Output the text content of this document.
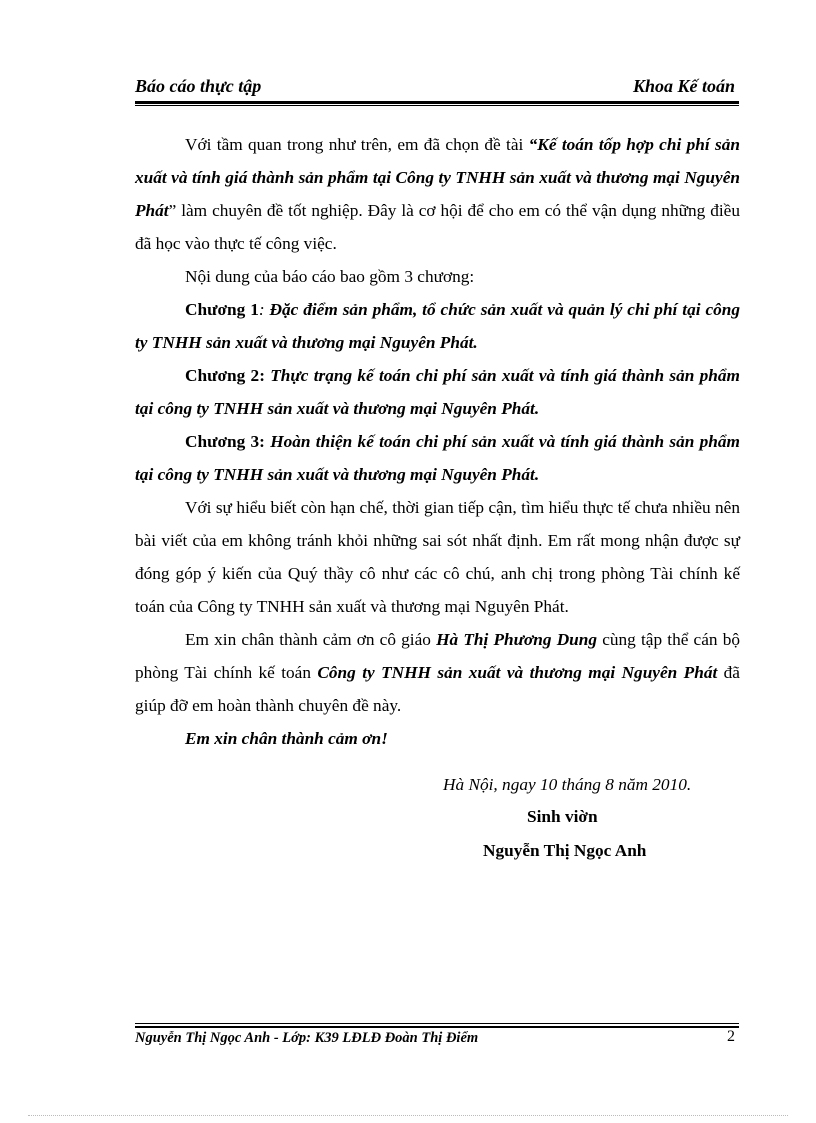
Báo cáo thực tập	Khoa Kế toán

Với tầm quan trong như trên, em đã chọn đề tài “Kế toán tốp hợp chi phí sản xuất và tính giá thành sản phẩm tại Công ty TNHH sản xuất và thương mại Nguyên Phát” làm chuyên đề tốt nghiệp. Đây là cơ hội để cho em có thể vận dụng những điều đã học vào thực tế công việc.

Nội dung của báo cáo bao gồm 3 chương:

Chương 1: Đặc điểm sản phẩm, tổ chức sản xuất và quản lý chi phí tại công ty TNHH sản xuất và thương mại Nguyên Phát.

Chương 2: Thực trạng kế toán chi phí sản xuất và tính giá thành sản phẩm tại công ty TNHH sản xuất và thương mại Nguyên Phát.

Chương 3: Hoàn thiện kế toán chi phí sản xuất và tính giá thành sản phẩm tại công ty TNHH sản xuất và thương mại Nguyên Phát.

Với sự hiểu biết còn hạn chế, thời gian tiếp cận, tìm hiểu thực tế chưa nhiều nên bài viết của em không tránh khỏi những sai sót nhất định. Em rất mong nhận được sự đóng góp ý kiến của Quý thầy cô như các cô chú, anh chị trong phòng Tài chính kế toán của Công ty TNHH sản xuất và thương mại Nguyên Phát.

Em xin chân thành cảm ơn cô giáo Hà Thị Phương Dung cùng tập thể cán bộ phòng Tài chính kế toán Công ty TNHH sản xuất và thương mại Nguyên Phát đã giúp đỡ em hoàn thành chuyên đề này.

Em xin chân thành cảm ơn!

Hà Nội, ngay 10 tháng 8 năm 2010.
Sinh viờn
Nguyễn Thị Ngọc Anh
Nguyễn Thị Ngọc Anh - Lớp: K39 LĐLĐ Đoàn Thị Điểm	2
